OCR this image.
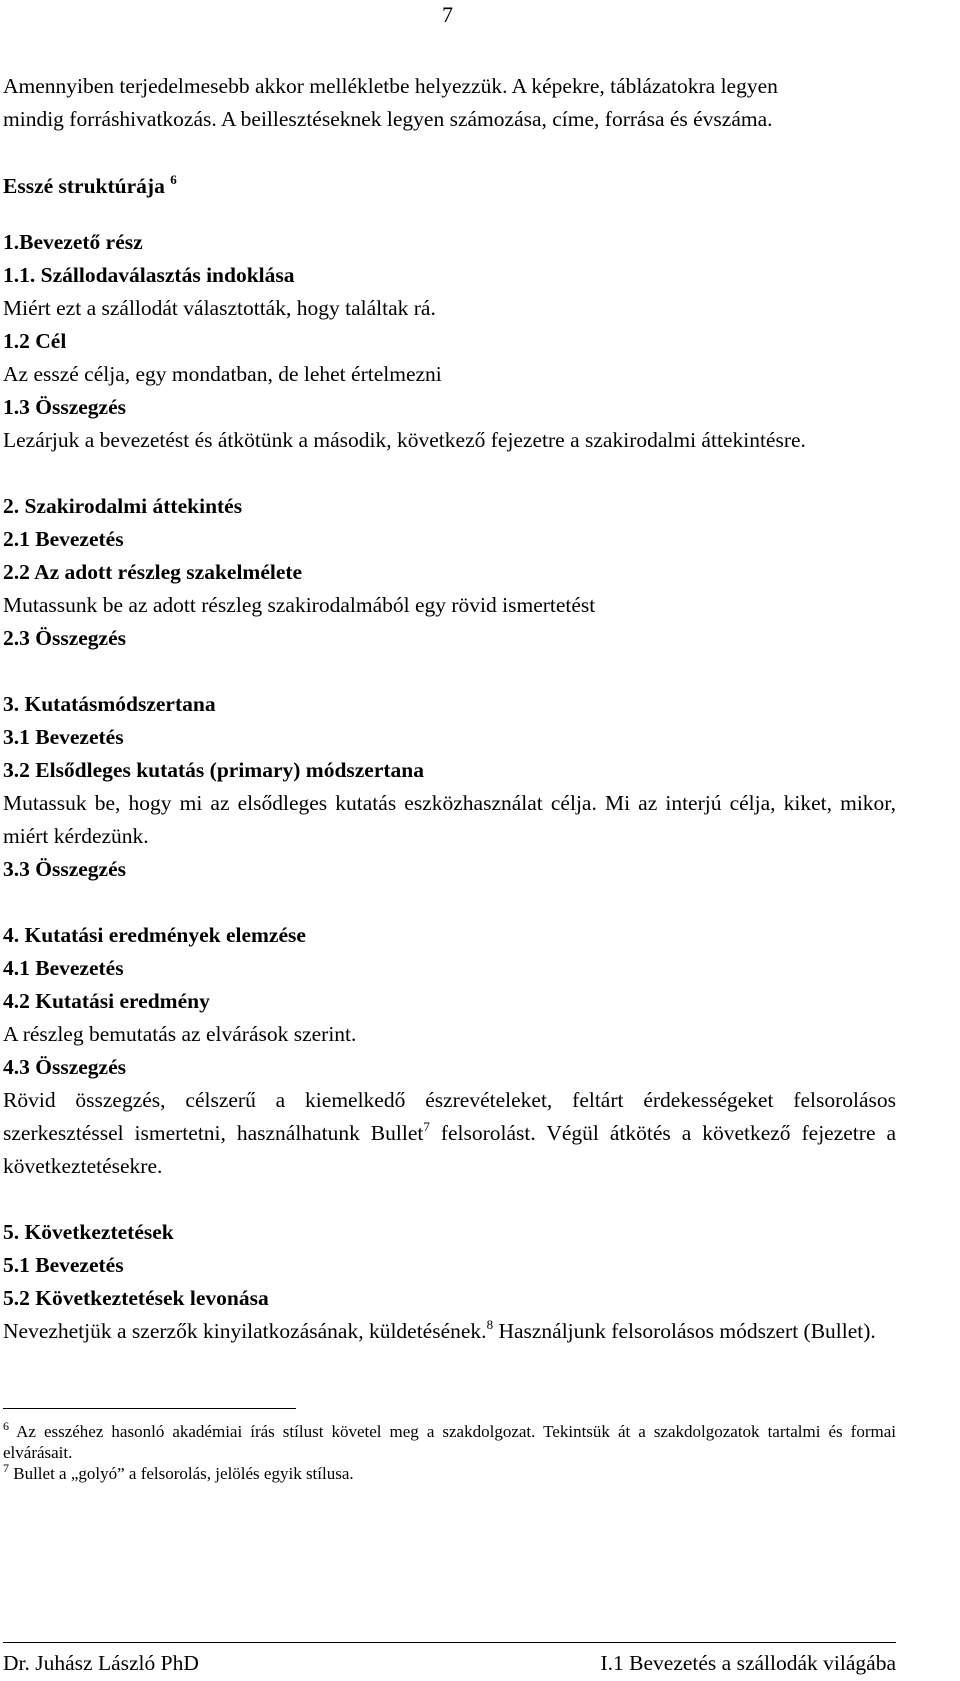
7

Amennyiben terjedelmesebb akkor mellékletbe helyezzük. A képekre, táblázatokra legyen

mindig forráshivatkozás. A beillesztéseknek legyen számozása, címe, forrása és évszáma.

Esszé struktúrája $^6$

1.Bevezető rész

1.1. Szállodaválasztás indoklása

Miért ezt a szállodát választották, hogy találtak rá.

1.2 Cél

Az esszé célja, egy mondatban, de lehet értelmezni

1.3 Összegzés

Lezárjuk a bevezetést és átkötünk a második, következő fejezetre a szakirodalmi áttekintésre.

2. Szakirodalmi áttekintés

2.1 Bevezetés

2.2 Az adott részleg szakelmélete

Mutassunk be az adott részleg szakirodalmából egy rövid ismertetést

2.3 Összegzés

3. Kutatásmódszertana

3.1 Bevezetés

3.2 Elsődleges kutatás (primary) módszertana

Mutassuk be, hogy mi az elsődleges kutatás eszközhasználat célja. Mi az interjú célja, kiket, mikor, miért kérdezünk.

3.3 Összegzés

4. Kutatási eredmények elemzése

4.1 Bevezetés

4.2 Kutatási eredmény

A részleg bemutatás az elvárások szerint.

4.3 Összegzés

Rövid összegzés, célszerű a kiemelkedő észrevételeket, feltárt érdekességeket felsorolásos szerkesztéssel ismertetni, használhatunk Bullet$^7$ felsorolást. Végül átkötés a következő fejezetre a következtetésekre.

5. Következtetések

5.1 Bevezetés

5.2 Következtetések levonása

Nevezhetjük a szerzők kinyilatkozásának, küldetésének.$^8$ Használjunk felsorolásos módszert (Bullet).

$^6$ Az esszéhez hasonló akadémiai írás stílust követel meg a szakdolgozat. Tekintsük át a szakdolgozatok tartalmi és formai elvárásait.

$^7$ Bullet a „golyó” a felsorolás, jelölés egyik stílusa.

Dr. Juhász László PhD	I.1 Bevezetés a szállodák világába
